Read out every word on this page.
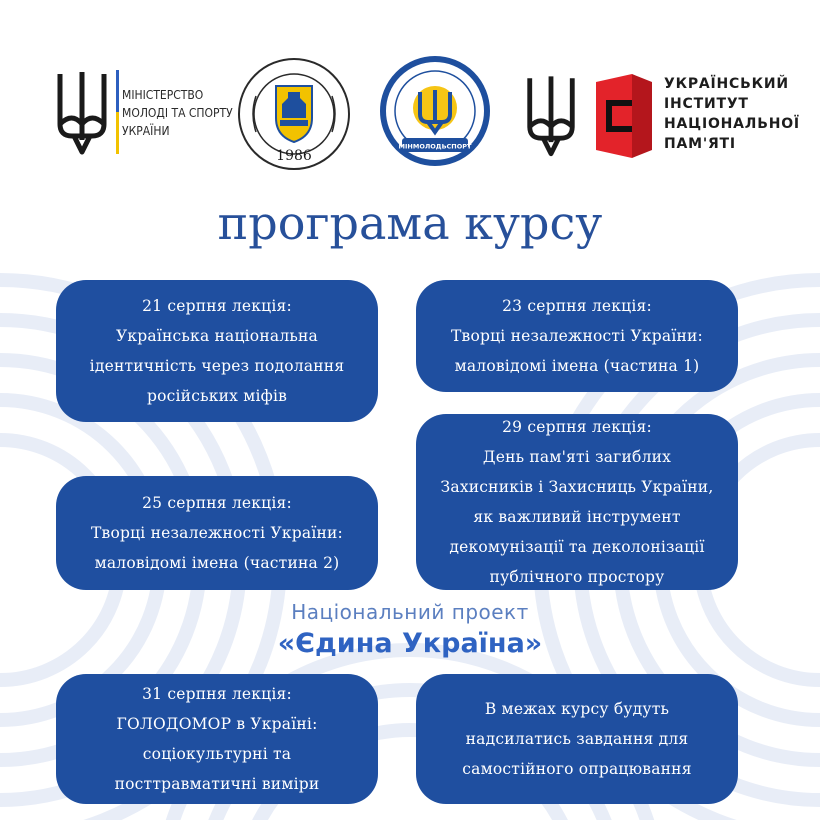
МІНІСТЕРСТВО
МОЛОДІ ТА СПОРТУ
УКРАЇНИ
1986
МІНМОЛОДЬСПОРТ
УКРАЇНСЬКИЙ
ІНСТИТУТ
НАЦІОНАЛЬНОЇ
ПАМ'ЯТІ
програма курсу
21 серпня лекція:
Українська національна
ідентичність через подолання
російських міфів
23 серпня лекція:
Творці незалежності України:
маловідомі імена (частина 1)
29 серпня лекція:
День пам'яті загиблих
Захисників і Захисниць України,
як важливий інструмент
декомунізації та деколонізації
публічного простору
25 серпня лекція:
Творці незалежності України:
маловідомі імена (частина 2)
Національний проект
«Єдина Україна»
31 серпня лекція:
ГОЛОДОМОР в Україні:
соціокультурні та
посттравматичні виміри
В межах курсу будуть
надсилатись завдання для
самостійного опрацювання
